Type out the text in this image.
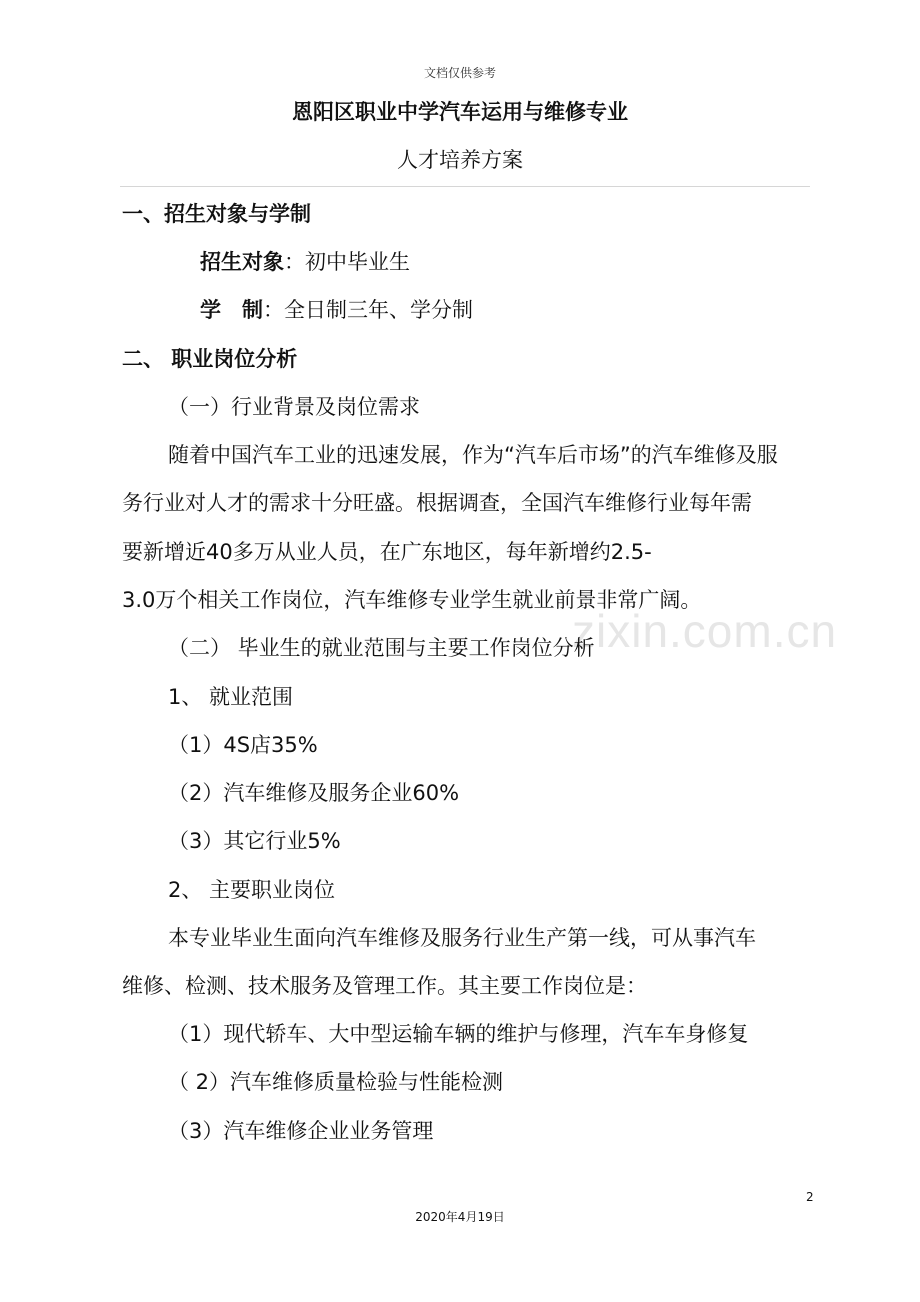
文档仅供参考
恩阳区职业中学汽车运用与维修专业
人才培养方案
一、招生对象与学制
招生对象：初中毕业生
学　制：全日制三年、学分制
二、 职业岗位分析
（一）行业背景及岗位需求
随着中国汽车工业的迅速发展，作为“汽车后市场”的汽车维修及服
务行业对人才的需求十分旺盛。根据调查，全国汽车维修行业每年需
要新增近40多万从业人员，在广东地区，每年新增约2.5-
3.0万个相关工作岗位，汽车维修专业学生就业前景非常广阔。
zixin.com.cn
（二） 毕业生的就业范围与主要工作岗位分析
1、 就业范围
（1）4S店35%
（2）汽车维修及服务企业60%
（3）其它行业5%
2、 主要职业岗位
本专业毕业生面向汽车维修及服务行业生产第一线，可从事汽车
维修、检测、技术服务及管理工作。其主要工作岗位是：
（1）现代轿车、大中型运输车辆的维护与修理，汽车车身修复
（ 2）汽车维修质量检验与性能检测
（3）汽车维修企业业务管理
2
2020年4月19日
